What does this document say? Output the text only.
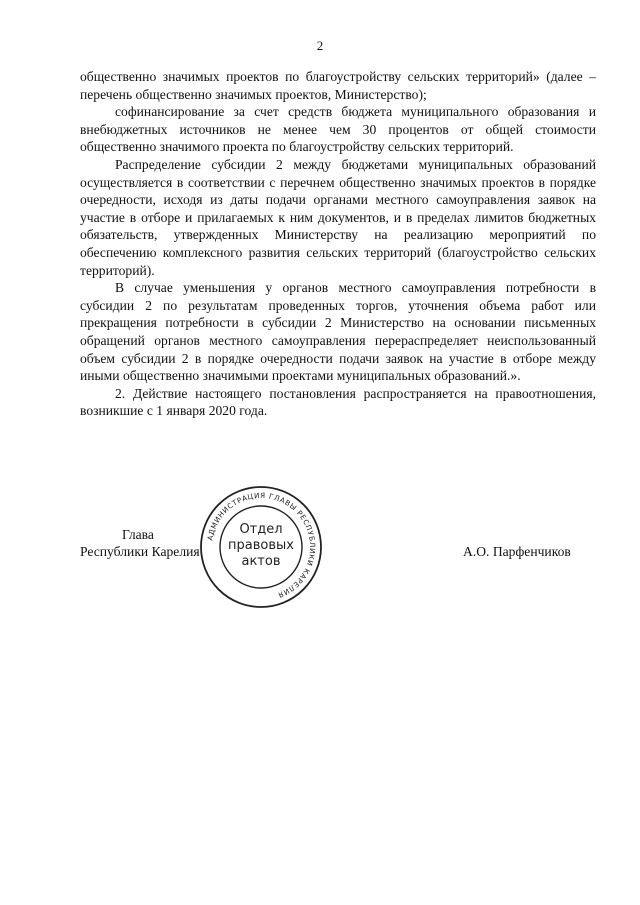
2

общественно значимых проектов по благоустройству сельских территорий» (далее – перечень общественно значимых проектов, Министерство);

софинансирование за счет средств бюджета муниципального образования и внебюджетных источников не менее чем 30 процентов от общей стоимости общественно значимого проекта по благоустройству сельских территорий.

Распределение субсидии 2 между бюджетами муниципальных образований осуществляется в соответствии с перечнем общественно значимых проектов в порядке очередности, исходя из даты подачи органами местного самоуправления заявок на участие в отборе и прилагаемых к ним документов, и в пределах лимитов бюджетных обязательств, утвержденных Министерству на реализацию мероприятий по обеспечению комплексного развития сельских территорий (благоустройство сельских территорий).

В случае уменьшения у органов местного самоуправления потребности в субсидии 2 по результатам проведенных торгов, уточнения объема работ или прекращения потребности в субсидии 2 Министерство на основании письменных обращений органов местного самоуправления перераспределяет неиспользованный объем субсидии 2 в порядке очередности подачи заявок на участие в отборе между иными общественно значимыми проектами муниципальных образований.».

2. Действие настоящего постановления распространяется на правоотношения, возникшие с 1 января 2020 года.

Глава
Республики Карелия
АДМИНИСТРАЦИЯ ГЛАВЫ РЕСПУБЛИКИ КАРЕЛИЯ
Отдел
правовых
актов
А.О. Парфенчиков
